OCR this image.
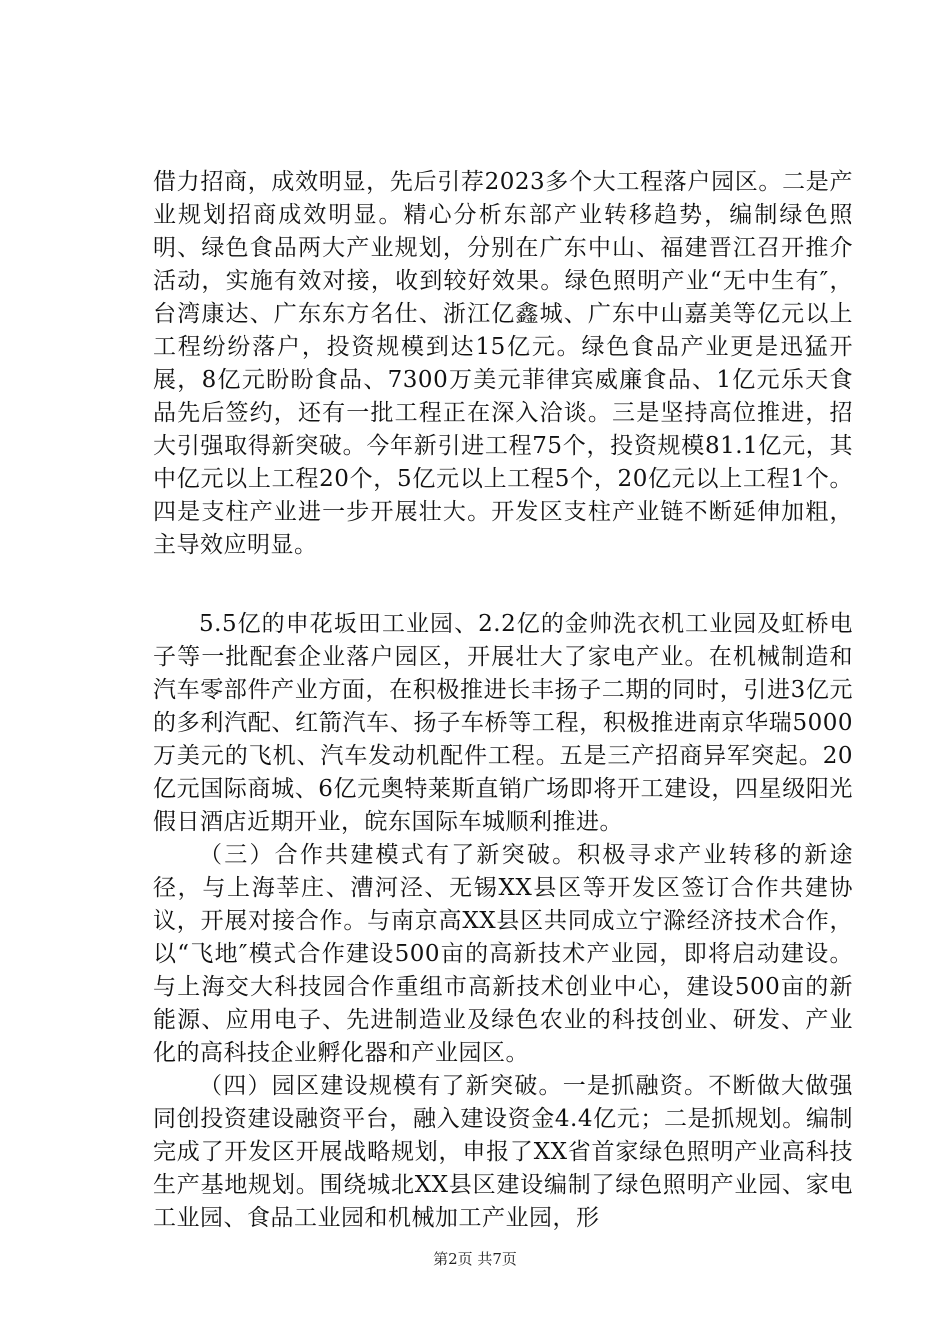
借力招商，成效明显，先后引荐2023多个大工程落户园区。二是产业规划招商成效明显。精心分析东部产业转移趋势，编制绿色照明、绿色食品两大产业规划，分别在广东中山、福建晋江召开推介活动，实施有效对接，收到较好效果。绿色照明产业“无中生有″，台湾康达、广东东方名仕、浙江亿鑫城、广东中山嘉美等亿元以上工程纷纷落户，投资规模到达15亿元。绿色食品产业更是迅猛开展，8亿元盼盼食品、7300万美元菲律宾威廉食品、1亿元乐天食品先后签约，还有一批工程正在深入洽谈。三是坚持高位推进，招大引强取得新突破。今年新引进工程75个，投资规模81.1亿元，其中亿元以上工程20个，5亿元以上工程5个，20亿元以上工程1个。四是支柱产业进一步开展壮大。开发区支柱产业链不断延伸加粗，主导效应明显。

5.5亿的申花坂田工业园、2.2亿的金帅洗衣机工业园及虹桥电子等一批配套企业落户园区，开展壮大了家电产业。在机械制造和汽车零部件产业方面，在积极推进长丰扬子二期的同时，引进3亿元的多利汽配、红箭汽车、扬子车桥等工程，积极推进南京华瑞5000万美元的飞机、汽车发动机配件工程。五是三产招商异军突起。20亿元国际商城、6亿元奥特莱斯直销广场即将开工建设，四星级阳光假日酒店近期开业，皖东国际车城顺利推进。

（三）合作共建模式有了新突破。积极寻求产业转移的新途径，与上海莘庄、漕河泾、无锡XX县区等开发区签订合作共建协议，开展对接合作。与南京高XX县区共同成立宁滁经济技术合作，以“飞地″模式合作建设500亩的高新技术产业园，即将启动建设。与上海交大科技园合作重组市高新技术创业中心，建设500亩的新能源、应用电子、先进制造业及绿色农业的科技创业、研发、产业化的高科技企业孵化器和产业园区。

（四）园区建设规模有了新突破。一是抓融资。不断做大做强同创投资建设融资平台，融入建设资金4.4亿元；二是抓规划。编制完成了开发区开展战略规划，申报了XX省首家绿色照明产业高科技生产基地规划。围绕城北XX县区建设编制了绿色照明产业园、家电工业园、食品工业园和机械加工产业园，形

第2页 共7页
